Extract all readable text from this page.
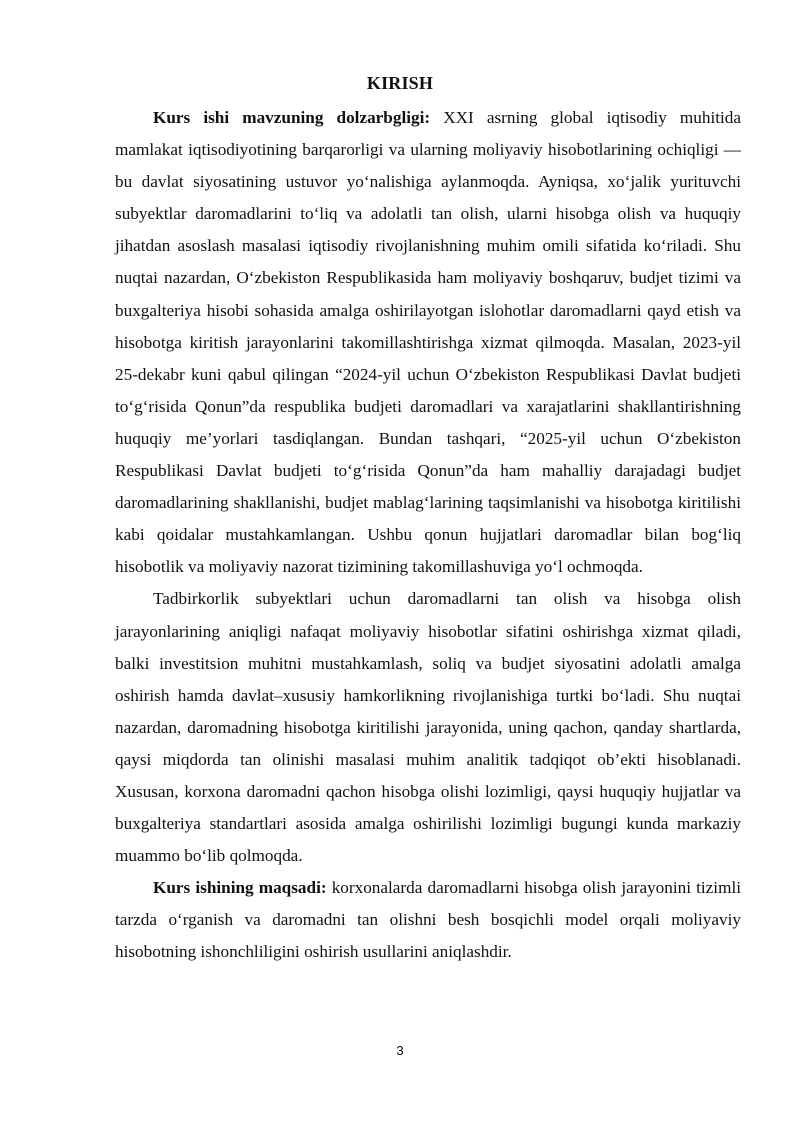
KIRISH

Kurs ishi mavzuning dolzarbgligi: XXI asrning global iqtisodiy muhitida mamlakat iqtisodiyotining barqarorligi va ularning moliyaviy hisobotlarining ochiqligi — bu davlat siyosatining ustuvor yo‘nalishiga aylanmoqda. Ayniqsa, xo‘jalik yurituvchi subyektlar daromadlarini to‘liq va adolatli tan olish, ularni hisobga olish va huquqiy jihatdan asoslash masalasi iqtisodiy rivojlanishning muhim omili sifatida ko‘riladi. Shu nuqtai nazardan, O‘zbekiston Respublikasida ham moliyaviy boshqaruv, budjet tizimi va buxgalteriya hisobi sohasida amalga oshirilayotgan islohotlar daromadlarni qayd etish va hisobotga kiritish jarayonlarini takomillashtirishga xizmat qilmoqda. Masalan, 2023-yil 25-dekabr kuni qabul qilingan “2024-yil uchun O‘zbekiston Respublikasi Davlat budjeti to‘g‘risida Qonun”da respublika budjeti daromadlari va xarajatlarini shakllantirishning huquqiy me’yorlari tasdiqlangan. Bundan tashqari, “2025-yil uchun O‘zbekiston Respublikasi Davlat budjeti to‘g‘risida Qonun”da ham mahalliy darajadagi budjet daromadlarining shakllanishi, budjet mablag‘larining taqsimlanishi va hisobotga kiritilishi kabi qoidalar mustahkamlangan. Ushbu qonun hujjatlari daromadlar bilan bog‘liq hisobotlik va moliyaviy nazorat tizimining takomillashuviga yo‘l ochmoqda.

Tadbirkorlik subyektlari uchun daromadlarni tan olish va hisobga olish jarayonlarining aniqligi nafaqat moliyaviy hisobotlar sifatini oshirishga xizmat qiladi, balki investitsion muhitni mustahkamlash, soliq va budjet siyosatini adolatli amalga oshirish hamda davlat–xususiy hamkorlikning rivojlanishiga turtki bo‘ladi. Shu nuqtai nazardan, daromadning hisobotga kiritilishi jarayonida, uning qachon, qanday shartlarda, qaysi miqdorda tan olinishi masalasi muhim analitik tadqiqot ob’ekti hisoblanadi. Xususan, korxona daromadni qachon hisobga olishi lozimligi, qaysi huquqiy hujjatlar va buxgalteriya standartlari asosida amalga oshirilishi lozimligi bugungi kunda markaziy muammo bo‘lib qolmoqda.

Kurs ishining maqsadi: korxonalarda daromadlarni hisobga olish jarayonini tizimli tarzda o‘rganish va daromadni tan olishni besh bosqichli model orqali moliyaviy hisobotning ishonchliligini oshirish usullarini aniqlashdir.

3
